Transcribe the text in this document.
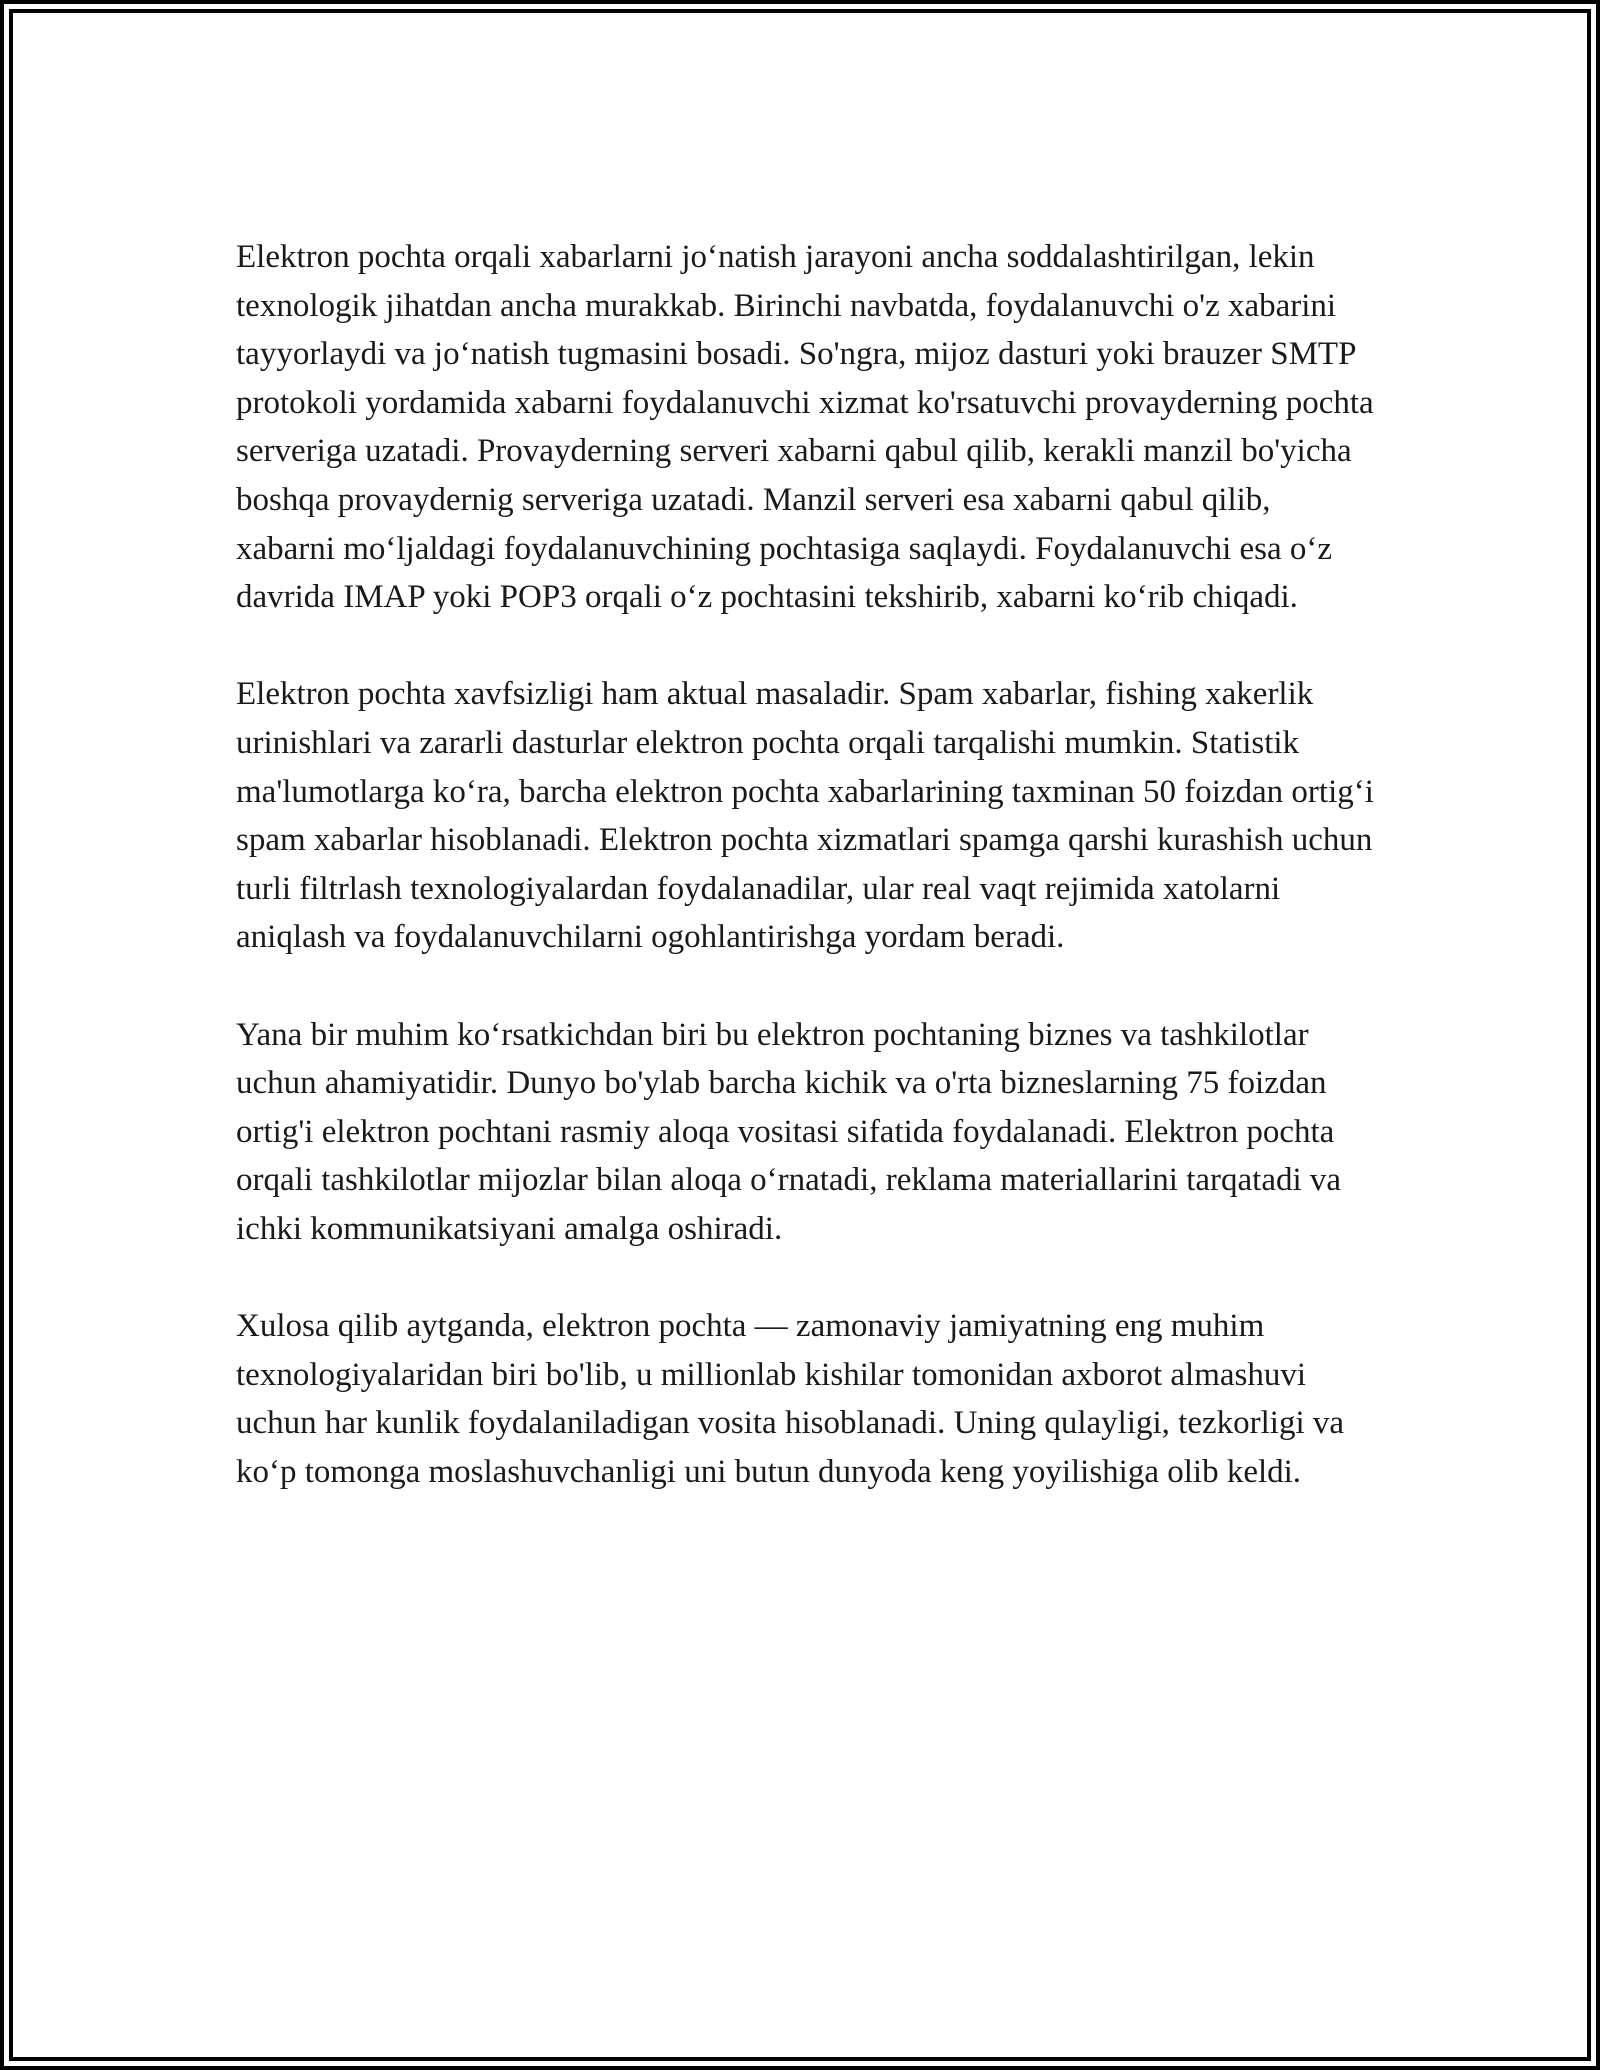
Elektron pochta orqali xabarlarni jo‘natish jarayoni ancha soddalashtirilgan, lekin texnologik jihatdan ancha murakkab. Birinchi navbatda, foydalanuvchi o'z xabarini tayyorlaydi va jo‘natish tugmasini bosadi. So'ngra, mijoz dasturi yoki brauzer SMTP protokoli yordamida xabarni foydalanuvchi xizmat ko'rsatuvchi provayderning pochta serveriga uzatadi. Provayderning serveri xabarni qabul qilib, kerakli manzil bo'yicha boshqa provaydernig serveriga uzatadi. Manzil serveri esa xabarni qabul qilib, xabarni mo‘ljaldagi foydalanuvchining pochtasiga saqlaydi. Foydalanuvchi esa o‘z davrida IMAP yoki POP3 orqali o‘z pochtasini tekshirib, xabarni ko‘rib chiqadi.

Elektron pochta xavfsizligi ham aktual masaladir. Spam xabarlar, fishing xakerlik urinishlari va zararli dasturlar elektron pochta orqali tarqalishi mumkin. Statistik ma'lumotlarga ko‘ra, barcha elektron pochta xabarlarining taxminan 50 foizdan ortig‘i spam xabarlar hisoblanadi. Elektron pochta xizmatlari spamga qarshi kurashish uchun turli filtrlash texnologiyalardan foydalanadilar, ular real vaqt rejimida xatolarni aniqlash va foydalanuvchilarni ogohlantirishga yordam beradi.

Yana bir muhim ko‘rsatkichdan biri bu elektron pochtaning biznes va tashkilotlar uchun ahamiyatidir. Dunyo bo'ylab barcha kichik va o'rta bizneslarning 75 foizdan ortig'i elektron pochtani rasmiy aloqa vositasi sifatida foydalanadi. Elektron pochta orqali tashkilotlar mijozlar bilan aloqa o‘rnatadi, reklama materiallarini tarqatadi va ichki kommunikatsiyani amalga oshiradi.

Xulosa qilib aytganda, elektron pochta — zamonaviy jamiyatning eng muhim texnologiyalaridan biri bo'lib, u millionlab kishilar tomonidan axborot almashuvi uchun har kunlik foydalaniladigan vosita hisoblanadi. Uning qulayligi, tezkorligi va ko‘p tomonga moslashuvchanligi uni butun dunyoda keng yoyilishiga olib keldi.
